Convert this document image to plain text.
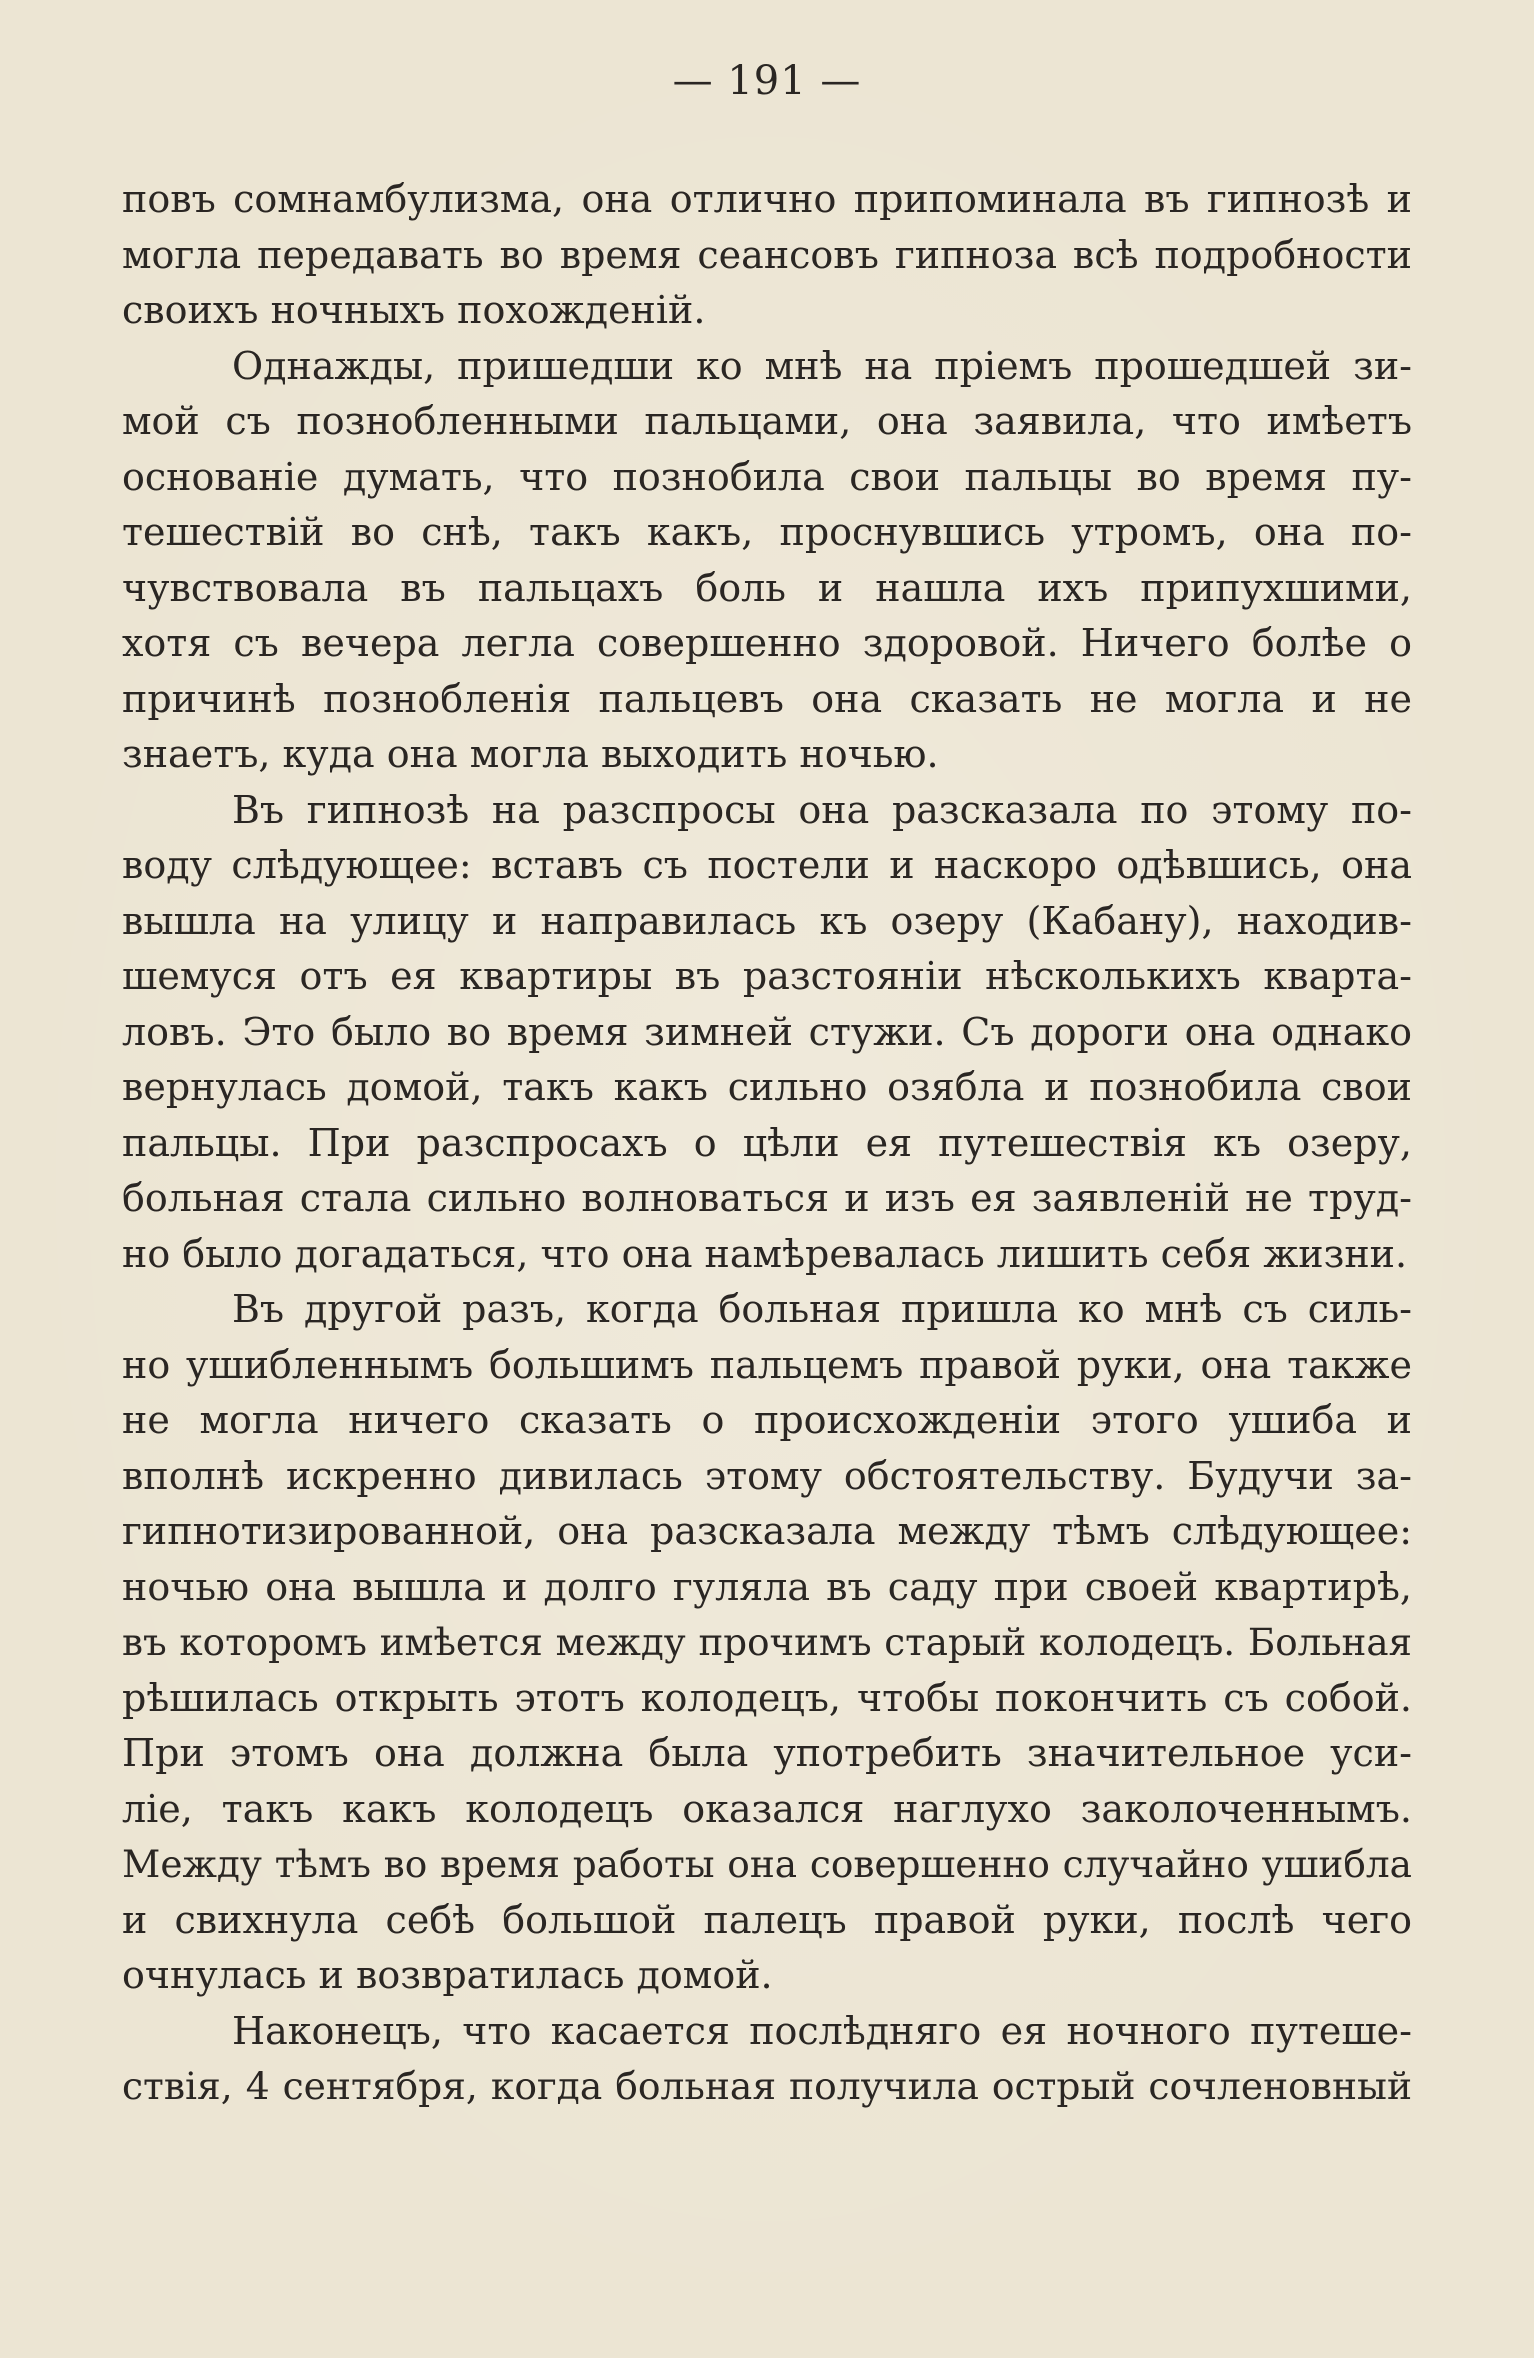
— 191 —
повъ сомнамбулизма, она отлично припоминала въ гипнозѣ и
могла передавать во время сеансовъ гипноза всѣ подробности
своихъ ночныхъ похожденій.
Однажды, пришедши ко мнѣ на пріемъ прошедшей зи-
мой съ познобленными пальцами, она заявила, что имѣетъ
основаніе думать, что познобила свои пальцы во время пу-
тешествій во снѣ, такъ какъ, проснувшись утромъ, она по-
чувствовала въ пальцахъ боль и нашла ихъ припухшими,
хотя съ вечера легла совершенно здоровой. Ничего болѣе о
причинѣ познобленія пальцевъ она сказать не могла и не
знаетъ, куда она могла выходить ночью.
Въ гипнозѣ на разспросы она разсказала по этому по-
воду слѣдующее: вставъ съ постели и наскоро одѣвшись, она
вышла на улицу и направилась къ озеру (Кабану), находив-
шемуся отъ ея квартиры въ разстояніи нѣсколькихъ кварта-
ловъ. Это было во время зимней стужи. Съ дороги она однако
вернулась домой, такъ какъ сильно озябла и познобила свои
пальцы. При разспросахъ о цѣли ея путешествія къ озеру,
больная стала сильно волноваться и изъ ея заявленій не труд-
но было догадаться, что она намѣревалась лишить себя жизни.
Въ другой разъ, когда больная пришла ко мнѣ съ силь-
но ушибленнымъ большимъ пальцемъ правой руки, она также
не могла ничего сказать о происхожденіи этого ушиба и
вполнѣ искренно дивилась этому обстоятельству. Будучи за-
гипнотизированной, она разсказала между тѣмъ слѣдующее:
ночью она вышла и долго гуляла въ саду при своей квартирѣ,
въ которомъ имѣется между прочимъ старый колодецъ. Больная
рѣшилась открыть этотъ колодецъ, чтобы покончить съ собой.
При этомъ она должна была употребить значительное уси-
ліе, такъ какъ колодецъ оказался наглухо заколоченнымъ.
Между тѣмъ во время работы она совершенно случайно ушибла
и свихнула себѣ большой палецъ правой руки, послѣ чего
очнулась и возвратилась домой.
Наконецъ, что касается послѣдняго ея ночного путеше-
ствія, 4 сентября, когда больная получила острый сочленовный
